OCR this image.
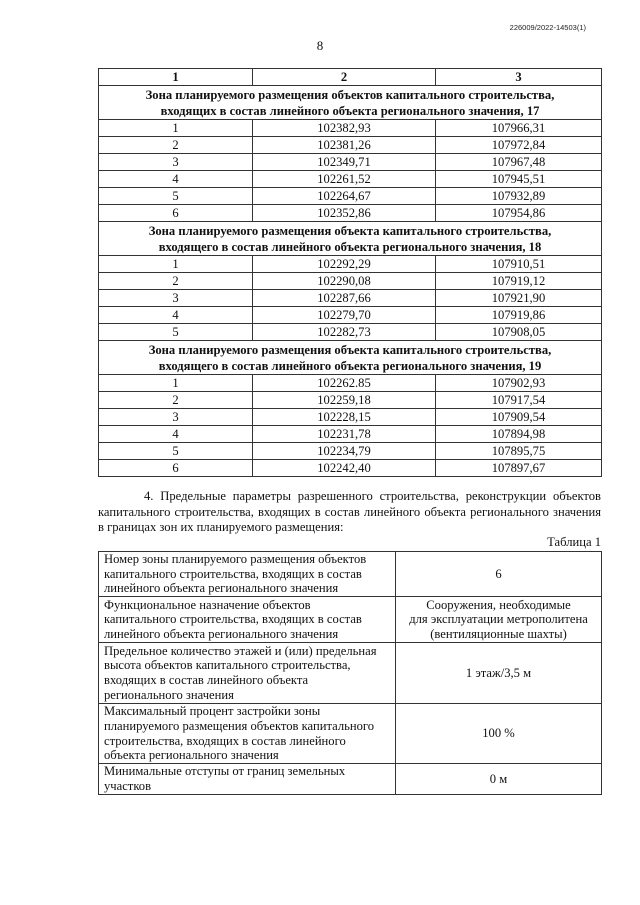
226009/2022-14503(1)
8
1	2	3

Зона планируемого размещения объектов капитального строительства,
входящих в состав линейного объекта регионального значения, 17		

1	102382,93	107966,31
2	102381,26	107972,84
3	102349,71	107967,48
4	102261,52	107945,51
5	102264,67	107932,89
6	102352,86	107954,86

Зона планируемого размещения объекта капитального строительства,
входящего в состав линейного объекта регионального значения, 18		

1	102292,29	107910,51
2	102290,08	107919,12
3	102287,66	107921,90
4	102279,70	107919,86
5	102282,73	107908,05

Зона планируемого размещения объекта капитального строительства,
входящего в состав линейного объекта регионального значения, 19		

1	102262.85	107902,93
2	102259,18	107917,54
3	102228,15	107909,54
4	102231,78	107894,98
5	102234,79	107895,75
6	102242,40	107897,67
4. Предельные параметры разрешенного строительства, реконструкции объектов капитального строительства, входящих в состав линейного объекта регионального значения в границах зон их планируемого размещения:
Таблица 1
Номер зоны планируемого размещения объектов
капитального строительства, входящих в состав
линейного объекта регионального значения	6

Функциональное назначение объектов
капитального строительства, входящих в состав
линейного объекта регионального значения	Сооружения, необходимые
для эксплуатации метрополитена
(вентиляционные шахты)

Предельное количество этажей и (или) предельная
высота объектов капитального строительства,
входящих в состав линейного объекта
регионального значения	1 этаж/3,5 м

Максимальный процент застройки зоны
планируемого размещения объектов капитального
строительства, входящих в состав линейного
объекта регионального значения	100 %

Минимальные отступы от границ земельных
участков	0 м
